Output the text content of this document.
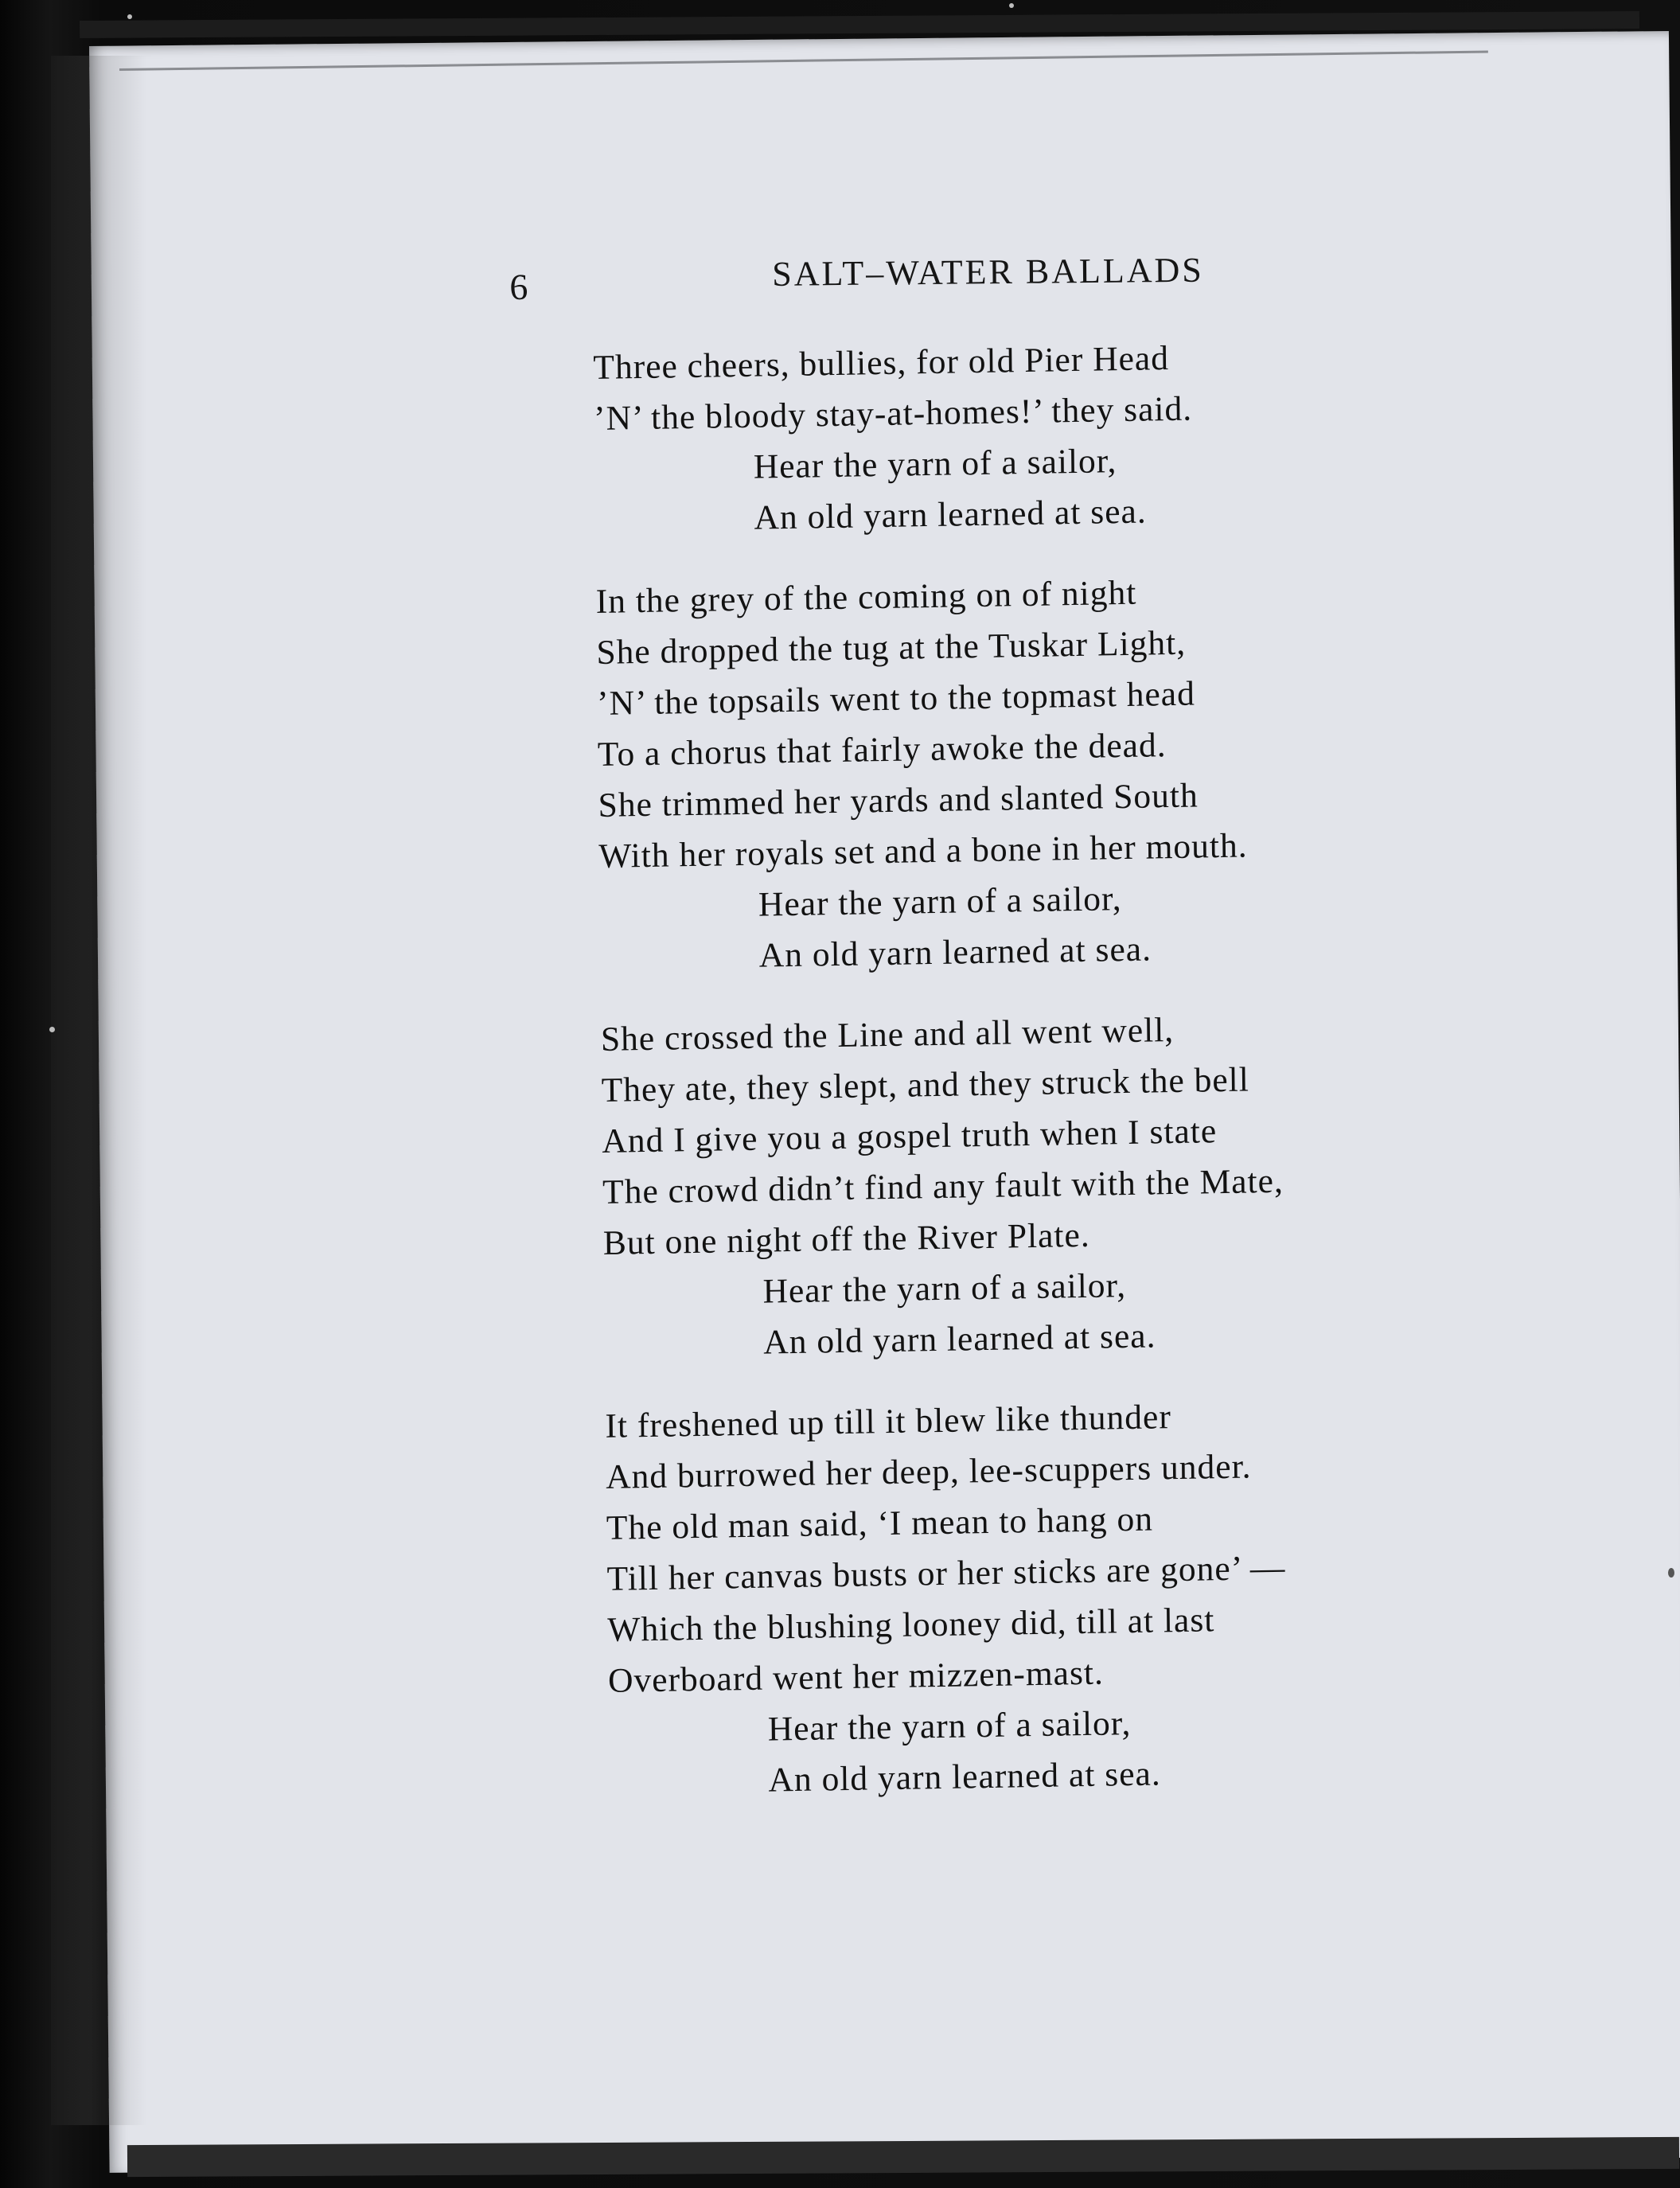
6	SALT–WATER BALLADS
Three cheers, bullies, for old Pier Head
’N’ the bloody stay-at-homes!’ they said.
Hear the yarn of a sailor,
An old yarn learned at sea.
In the grey of the coming on of night
She dropped the tug at the Tuskar Light,
’N’ the topsails went to the topmast head
To a chorus that fairly awoke the dead.
She trimmed her yards and slanted South
With her royals set and a bone in her mouth.
Hear the yarn of a sailor,
An old yarn learned at sea.
She crossed the Line and all went well,
They ate, they slept, and they struck the bell
And I give you a gospel truth when I state
The crowd didn’t find any fault with the Mate,
But one night off the River Plate.
Hear the yarn of a sailor,
An old yarn learned at sea.
It freshened up till it blew like thunder
And burrowed her deep, lee-scuppers under.
The old man said, ‘I mean to hang on
Till her canvas busts or her sticks are gone’ —
Which the blushing looney did, till at last
Overboard went her mizzen-mast.
Hear the yarn of a sailor,
An old yarn learned at sea.
